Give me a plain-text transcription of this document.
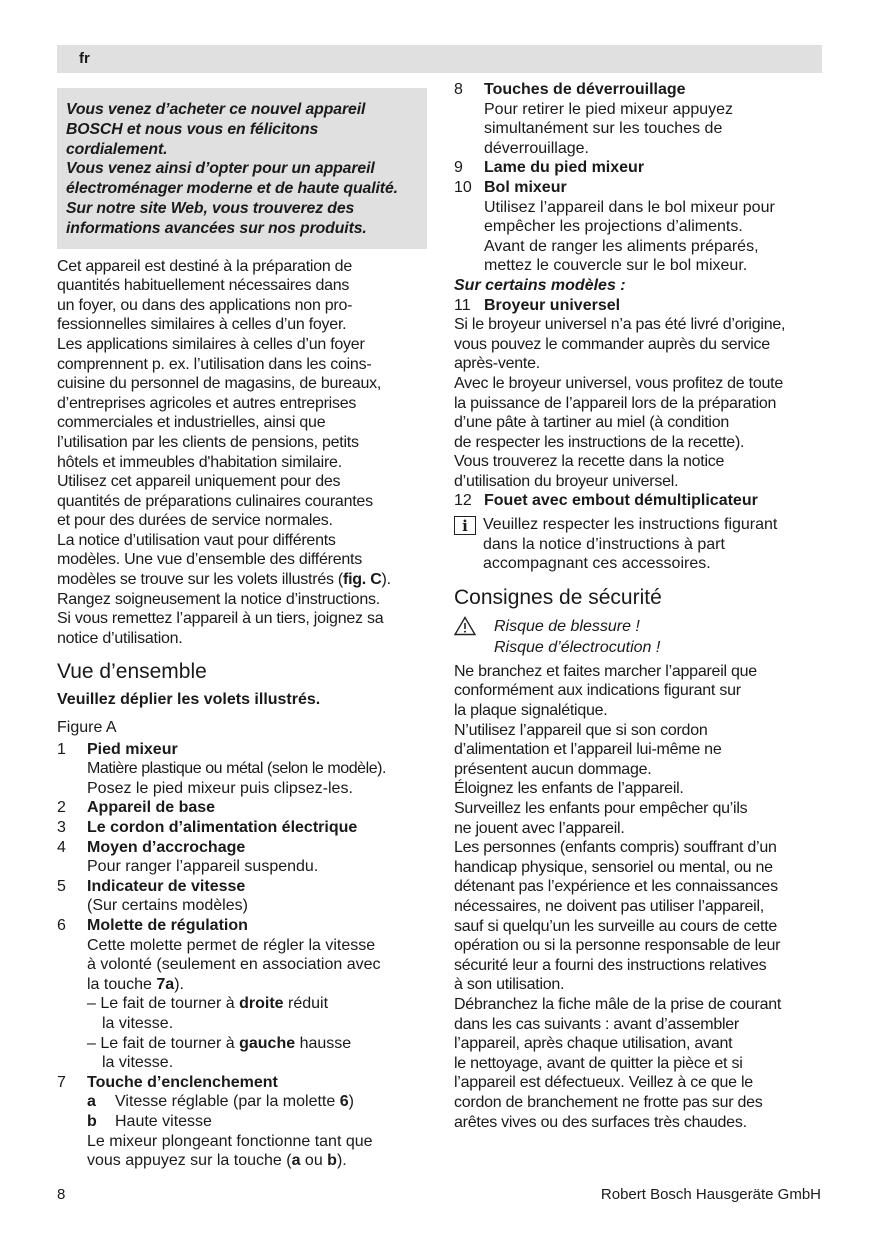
fr

Vous venez d’acheter ce nouvel appareil BOSCH et nous vous en félicitons cordialement.

Vous venez ainsi d’opter pour un appareil électroménager moderne et de haute qualité. Sur notre site Web, vous trouverez des informations avancées sur nos produits.

Cet appareil est destiné à la préparation de

quantités habituellement nécessaires dans

un foyer, ou dans des applications non pro-

fessionnelles similaires à celles d’un foyer.

Les applications similaires à celles d’un foyer

comprennent p. ex. l’utilisation dans les coins-

cuisine du personnel de magasins, de bureaux,

d’entreprises agricoles et autres entreprises

commerciales et industrielles, ainsi que

l’utilisation par les clients de pensions, petits

hôtels et immeubles d'habitation similaire.

Utilisez cet appareil uniquement pour des

quantités de préparations culinaires courantes

et pour des durées de service normales.

La notice d’utilisation vaut pour différents

modèles. Une vue d’ensemble des différents

modèles se trouve sur les volets illustrés (fig. C).

Rangez soigneusement la notice d’instructions.

Si vous remettez l’appareil à un tiers, joignez sa

notice d’utilisation.

Vue d’ensemble

Veuillez déplier les volets illustrés.

Figure A

1	Pied mixeur

Matière plastique ou métal (selon le modèle).

Posez le pied mixeur puis clipsez-les.

2	Appareil de base
3	Le cordon d’alimentation électrique
4	Moyen d’accrochage

Pour ranger l’appareil suspendu.

5	Indicateur de vitesse

(Sur certains modèles)

6	Molette de régulation

Cette molette permet de régler la vitesse

à volonté (seulement en association avec

la touche 7a).

– Le fait de tourner à droite réduit
la vitesse.

– Le fait de tourner à gauche hausse
la vitesse.

7	Touche d’enclenchement
a	Vitesse réglable (par la molette 6)
b	Haute vitesse

Le mixeur plongeant fonctionne tant que

vous appuyez sur la touche (a ou b).

8	Touches de déverrouillage

Pour retirer le pied mixeur appuyez

simultanément sur les touches de

déverrouillage.

9	Lame du pied mixeur
10 Bol mixeur

Utilisez l’appareil dans le bol mixeur pour

empêcher les projections d’aliments.

Avant de ranger les aliments préparés,

mettez le couvercle sur le bol mixeur.

Sur certains modèles :

11 Broyeur universel

Si le broyeur universel n’a pas été livré d’origine,

vous pouvez le commander auprès du service

après-vente.

Avec le broyeur universel, vous profitez de toute

la puissance de l’appareil lors de la préparation

d’une pâte à tartiner au miel (à condition

de respecter les instructions de la recette).

Vous trouverez la recette dans la notice

d’utilisation du broyeur universel.

12 Fouet avec embout démultiplicateur
i Veuillez respecter les instructions figurant

dans la notice d’instructions à part

accompagnant ces accessoires.

Consignes de sécurité

Risque de blessure !

Risque d’électrocution !

Ne branchez et faites marcher l’appareil que

conformément aux indications figurant sur

la plaque signalétique.

N’utilisez l’appareil que si son cordon

d’alimentation et l’appareil lui-même ne

présentent aucun dommage.

Éloignez les enfants de l’appareil.

Surveillez les enfants pour empêcher qu’ils

ne jouent avec l’appareil.

Les personnes (enfants compris) souffrant d’un

handicap physique, sensoriel ou mental, ou ne

détenant pas l’expérience et les connaissances

nécessaires, ne doivent pas utiliser l’appareil,

sauf si quelqu’un les surveille au cours de cette

opération ou si la personne responsable de leur

sécurité leur a fourni des instructions relatives

à son utilisation.

Débranchez la fiche mâle de la prise de courant

dans les cas suivants : avant d’assembler

l’appareil, après chaque utilisation, avant

le nettoyage, avant de quitter la pièce et si

l’appareil est défectueux. Veillez à ce que le

cordon de branchement ne frotte pas sur des

arêtes vives ou des surfaces très chaudes.

8	Robert Bosch Hausgeräte GmbH
